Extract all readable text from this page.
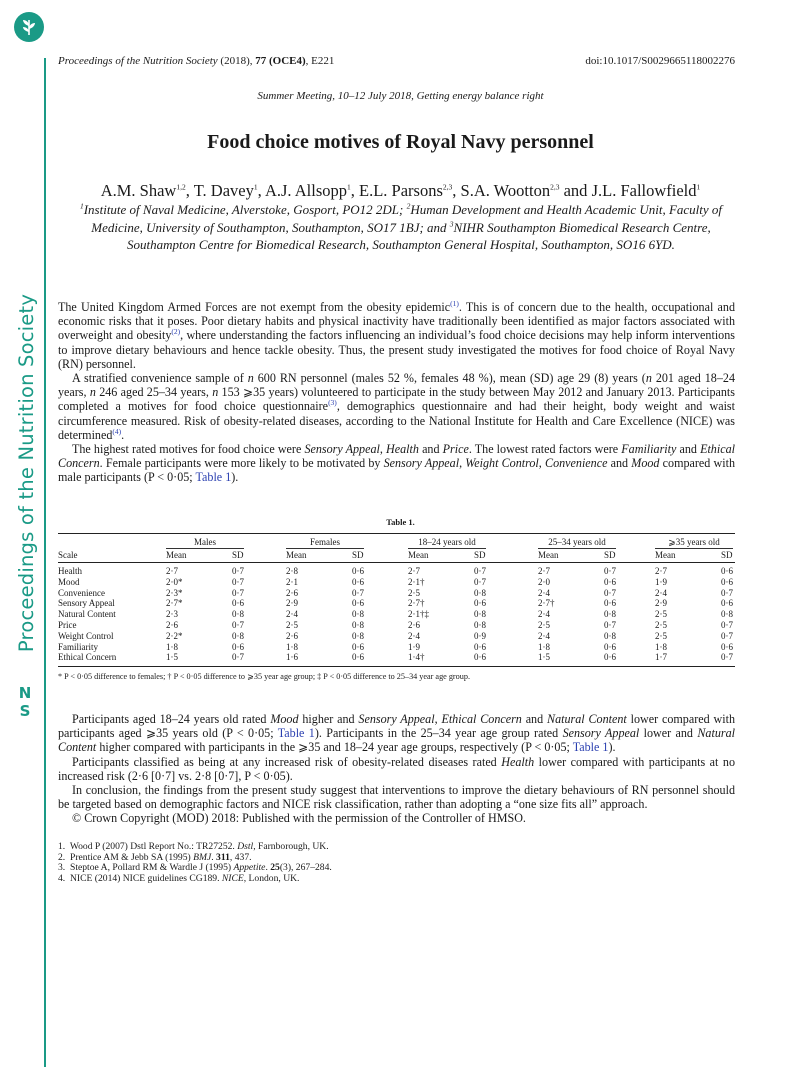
Proceedings of the Nutrition Society
N
S
Proceedings of the Nutrition Society (2018), 77 (OCE4), E221	doi:10.1017/S0029665118002276
Summer Meeting, 10–12 July 2018, Getting energy balance right
Food choice motives of Royal Navy personnel
A.M. Shaw$^{1,2}$, T. Davey$^1$, A.J. Allsopp$^1$, E.L. Parsons$^{2,3}$, S.A. Wootton$^{2,3}$ and J.L. Fallowfield$^1$
$^1$Institute of Naval Medicine, Alverstoke, Gosport, PO12 2DL; $^2$Human Development and Health Academic Unit, Faculty of Medicine, University of Southampton, Southampton, SO17 1BJ; and $^3$NIHR Southampton Biomedical Research Centre, Southampton Centre for Biomedical Research, Southampton General Hospital, Southampton, SO16 6YD.

The United Kingdom Armed Forces are not exempt from the obesity epidemic$^{(1)}$. This is of concern due to the health, occupational and economic risks that it poses. Poor dietary habits and physical inactivity have traditionally been identified as major factors associated with overweight and obesity$^{(2)}$, where understanding the factors influencing an individual’s food choice decisions may help inform interventions to improve dietary behaviours and hence tackle obesity. Thus, the present study investigated the motives for food choice of Royal Navy (RN) personnel.

A stratified convenience sample of n 600 RN personnel (males 52 %, females 48 %), mean (SD) age 29 (8) years (n 201 aged 18–24 years, n 246 aged 25–34 years, n 153 ⩾35 years) volunteered to participate in the study between May 2012 and January 2013. Participants completed a motives for food choice questionnaire$^{(3)}$, demographics questionnaire and had their height, body weight and waist circumference measured. Risk of obesity-related diseases, according to the National Institute for Health and Care Excellence (NICE) was determined$^{(4)}$.

The highest rated motives for food choice were Sensory Appeal, Health and Price. The lowest rated factors were Familiarity and Ethical Concern. Female participants were more likely to be motivated by Sensory Appeal, Weight Control, Convenience and Mood compared with male participants (P < 0·05; Table 1).

Table 1.
Males
Mean	SD
Females
Mean	SD
18–24 years old
Mean	SD
25–34 years old
Mean	SD
⩾35 years old
Mean	SD
Scale
Health	2·7	0·7	2·8	0·6	2·7	0·7	2·7	0·7	2·7	0·6
Mood	2·0*	0·7	2·1	0·6	2·1†	0·7	2·0	0·6	1·9	0·6
Convenience	2·3*	0·7	2·6	0·7	2·5	0·8	2·4	0·7	2·4	0·7
Sensory Appeal	2·7*	0·6	2·9	0·6	2·7†	0·6	2·7†	0·6	2·9	0·6
Natural Content	2·3	0·8	2·4	0·8	2·1†‡	0·8	2·4	0·8	2·5	0·8
Price	2·6	0·7	2·5	0·8	2·6	0·8	2·5	0·7	2·5	0·7
Weight Control	2·2*	0·8	2·6	0·8	2·4	0·9	2·4	0·8	2·5	0·7
Familiarity	1·8	0·6	1·8	0·6	1·9	0·6	1·8	0·6	1·8	0·6
Ethical Concern	1·5	0·7	1·6	0·6	1·4†	0·6	1·5	0·6	1·7	0·7
* P < 0·05 difference to females; † P < 0·05 difference to ⩾35 year age group; ‡ P < 0·05 difference to 25–34 year age group.

Participants aged 18–24 years old rated Mood higher and Sensory Appeal, Ethical Concern and Natural Content lower compared with participants aged ⩾35 years old (P < 0·05; Table 1). Participants in the 25–34 year age group rated Sensory Appeal lower and Natural Content higher compared with participants in the ⩾35 and 18–24 year age groups, respectively (P < 0·05; Table 1).

Participants classified as being at any increased risk of obesity-related diseases rated Health lower compared with participants at no increased risk (2·6 [0·7] vs. 2·8 [0·7], P < 0·05).

In conclusion, the findings from the present study suggest that interventions to improve the dietary behaviours of RN personnel should be targeted based on demographic factors and NICE risk classification, rather than adopting a “one size fits all” approach.

© Crown Copyright (MOD) 2018: Published with the permission of the Controller of HMSO.

1. Wood P (2007) Dstl Report No.: TR27252. Dstl, Farnborough, UK.
2. Prentice AM & Jebb SA (1995) BMJ. 311, 437.
3. Steptoe A, Pollard RM & Wardle J (1995) Appetite. 25(3), 267–284.
4. NICE (2014) NICE guidelines CG189. NICE, London, UK.
